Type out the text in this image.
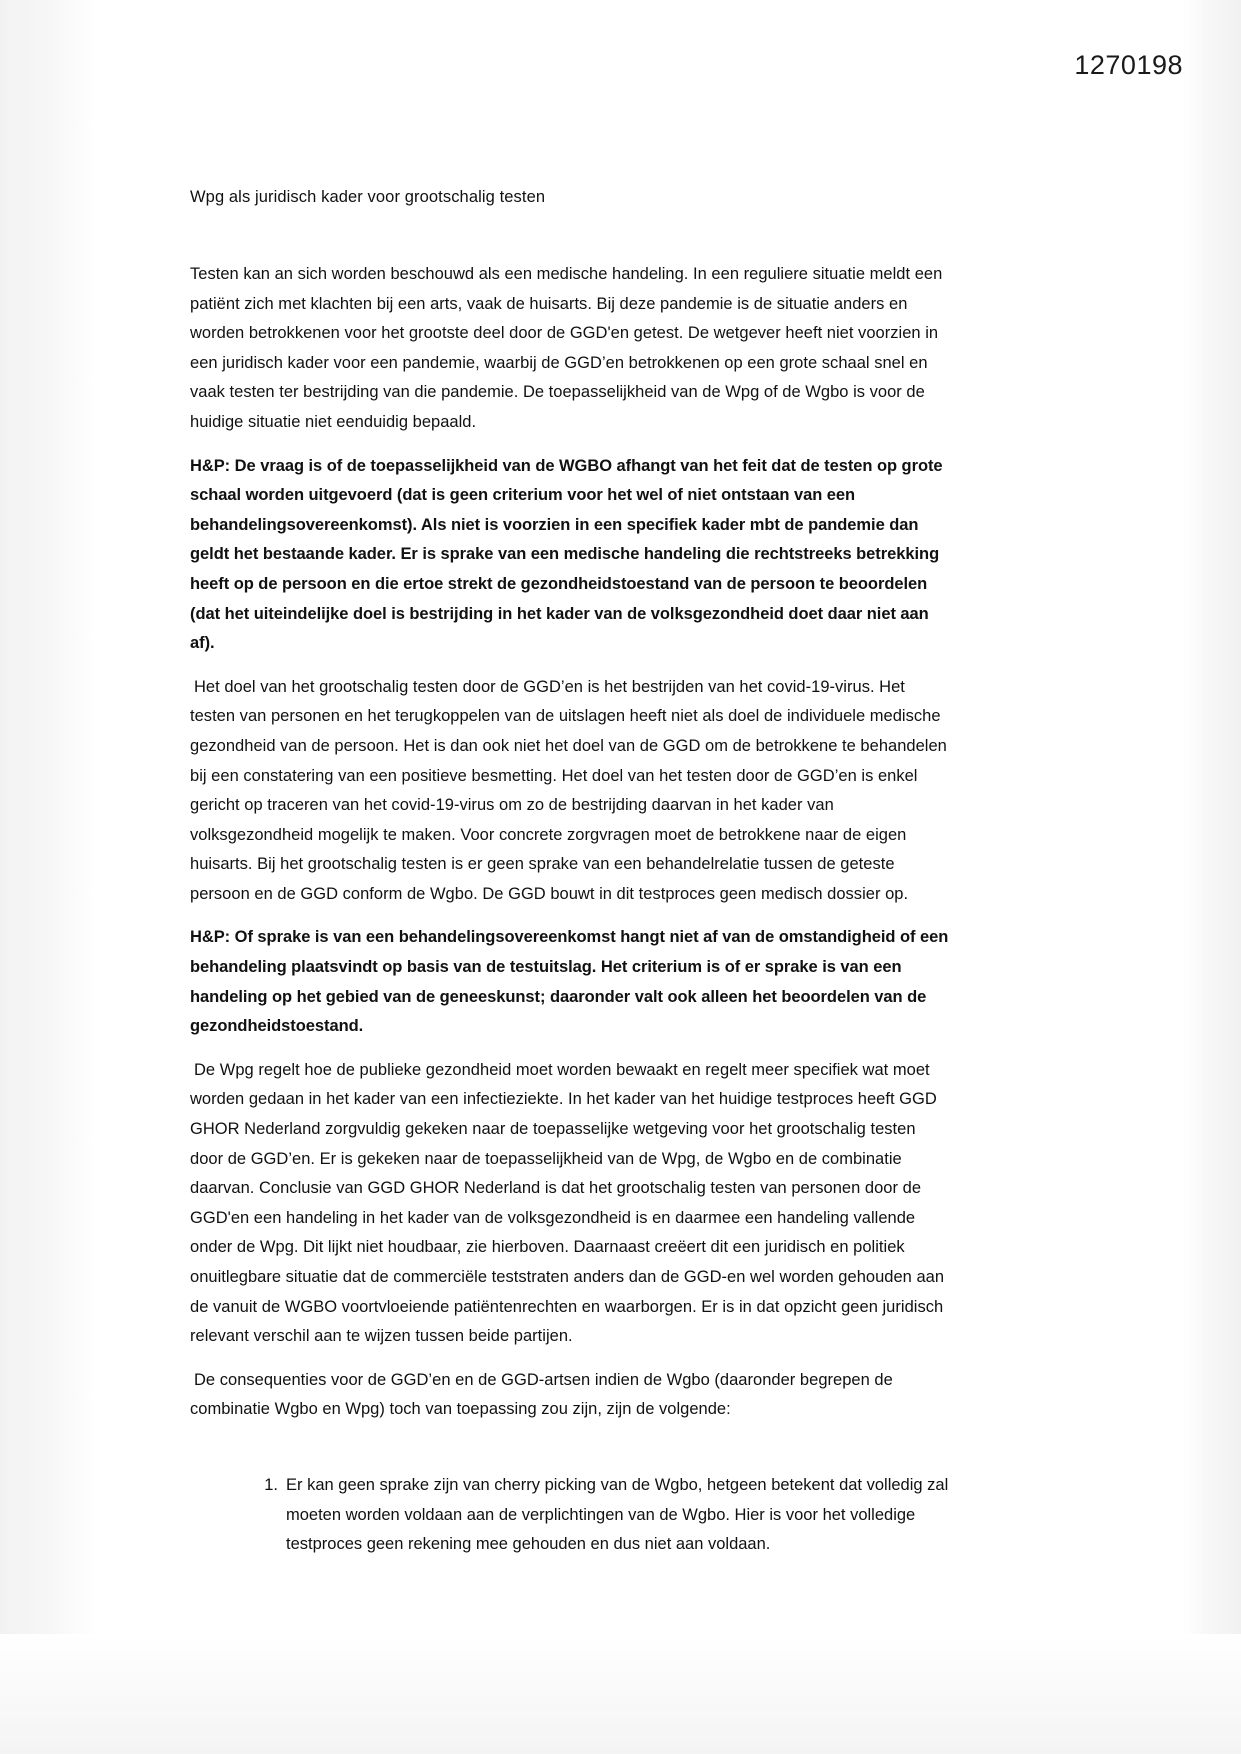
1270198
Wpg als juridisch kader voor grootschalig testen

Testen kan an sich worden beschouwd als een medische handeling. In een reguliere situatie meldt een patiënt zich met klachten bij een arts, vaak de huisarts. Bij deze pandemie is de situatie anders en worden betrokkenen voor het grootste deel door de GGD'en getest. De wetgever heeft niet voorzien in een juridisch kader voor een pandemie, waarbij de GGD’en betrokkenen op een grote schaal snel en vaak testen ter bestrijding van die pandemie. De toepasselijkheid van de Wpg of de Wgbo is voor de huidige situatie niet eenduidig bepaald.

H&P: De vraag is of de toepasselijkheid van de WGBO afhangt van het feit dat de testen op grote schaal worden uitgevoerd (dat is geen criterium voor het wel of niet ontstaan van een behandelingsovereenkomst). Als niet is voorzien in een specifiek kader mbt de pandemie dan geldt het bestaande kader. Er is sprake van een medische handeling die rechtstreeks betrekking heeft op de persoon en die ertoe strekt de gezondheidstoestand van de persoon te beoordelen (dat het uiteindelijke doel is bestrijding in het kader van de volksgezondheid doet daar niet aan af).

Het doel van het grootschalig testen door de GGD’en is het bestrijden van het covid-19-virus. Het testen van personen en het terugkoppelen van de uitslagen heeft niet als doel de individuele medische gezondheid van de persoon. Het is dan ook niet het doel van de GGD om de betrokkene te behandelen bij een constatering van een positieve besmetting. Het doel van het testen door de GGD’en is enkel gericht op traceren van het covid-19-virus om zo de bestrijding daarvan in het kader van volksgezondheid mogelijk te maken. Voor concrete zorgvragen moet de betrokkene naar de eigen huisarts. Bij het grootschalig testen is er geen sprake van een behandelrelatie tussen de geteste persoon en de GGD conform de Wgbo. De GGD bouwt in dit testproces geen medisch dossier op.

H&P: Of sprake is van een behandelingsovereenkomst hangt niet af van de omstandigheid of een behandeling plaatsvindt op basis van de testuitslag. Het criterium is of er sprake is van een handeling op het gebied van de geneeskunst; daaronder valt ook alleen het beoordelen van de gezondheidstoestand.

De Wpg regelt hoe de publieke gezondheid moet worden bewaakt en regelt meer specifiek wat moet worden gedaan in het kader van een infectieziekte. In het kader van het huidige testproces heeft GGD GHOR Nederland zorgvuldig gekeken naar de toepasselijke wetgeving voor het grootschalig testen door de GGD’en. Er is gekeken naar de toepasselijkheid van de Wpg, de Wgbo en de combinatie daarvan. Conclusie van GGD GHOR Nederland is dat het grootschalig testen van personen door de GGD'en een handeling in het kader van de volksgezondheid is en daarmee een handeling vallende onder de Wpg. Dit lijkt niet houdbaar, zie hierboven. Daarnaast creëert dit een juridisch en politiek onuitlegbare situatie dat de commerciële teststraten anders dan de GGD-en wel worden gehouden aan de vanuit de WGBO voortvloeiende patiëntenrechten en waarborgen. Er is in dat opzicht geen juridisch relevant verschil aan te wijzen tussen beide partijen.

De consequenties voor de GGD’en en de GGD-artsen indien de Wgbo (daaronder begrepen de combinatie Wgbo en Wpg) toch van toepassing zou zijn, zijn de volgende:

Er kan geen sprake zijn van cherry picking van de Wgbo, hetgeen betekent dat volledig zal moeten worden voldaan aan de verplichtingen van de Wgbo. Hier is voor het volledige testproces geen rekening mee gehouden en dus niet aan voldaan.
